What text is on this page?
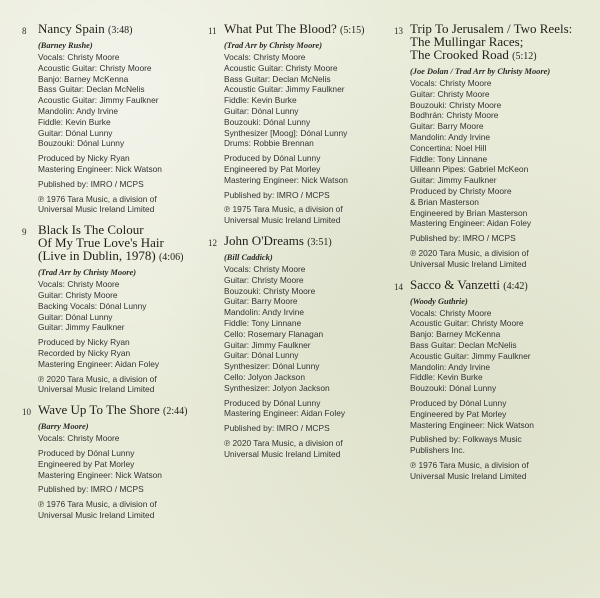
8 Nancy Spain (3:48)
(Barney Rushe)
Vocals: Christy Moore
Acoustic Guitar: Christy Moore
Banjo: Barney McKenna
Bass Guitar: Declan McNelis
Acoustic Guitar: Jimmy Faulkner
Mandolin: Andy Irvine
Fiddle: Kevin Burke
Guitar: Dónal Lunny
Bouzouki: Dónal Lunny
Produced by Nicky Ryan
Mastering Engineer: Nick Watson
Published by: IMRO / MCPS
℗ 1976 Tara Music, a division of
Universal Music Ireland Limited
9 Black Is The Colour
Of My True Love's Hair
(Live in Dublin, 1978) (4:06)
(Trad Arr by Christy Moore)
Vocals: Christy Moore
Guitar: Christy Moore
Backing Vocals: Dónal Lunny
Guitar: Dónal Lunny
Guitar: Jimmy Faulkner
Produced by Nicky Ryan
Recorded by Nicky Ryan
Mastering Engineer: Aidan Foley
℗ 2020 Tara Music, a division of
Universal Music Ireland Limited
10 Wave Up To The Shore (2:44)
(Barry Moore)
Vocals: Christy Moore
Produced by Dónal Lunny
Engineered by Pat Morley
Mastering Engineer: Nick Watson
Published by: IMRO / MCPS
℗ 1976 Tara Music, a division of
Universal Music Ireland Limited
11 What Put The Blood? (5:15)
(Trad Arr by Christy Moore)
Vocals: Christy Moore
Acoustic Guitar: Christy Moore
Bass Guitar: Declan McNelis
Acoustic Guitar: Jimmy Faulkner
Fiddle: Kevin Burke
Guitar: Dónal Lunny
Bouzouki: Dónal Lunny
Synthesizer [Moog]: Dónal Lunny
Drums: Robbie Brennan
Produced by Dónal Lunny
Engineered by Pat Morley
Mastering Engineer: Nick Watson
Published by: IMRO / MCPS
℗ 1975 Tara Music, a division of
Universal Music Ireland Limited
12 John O'Dreams (3:51)
(Bill Caddick)
Vocals: Christy Moore
Guitar: Christy Moore
Bouzouki: Christy Moore
Guitar: Barry Moore
Mandolin: Andy Irvine
Fiddle: Tony Linnane
Cello: Rosemary Flanagan
Guitar: Jimmy Faulkner
Guitar: Dónal Lunny
Synthesizer: Dónal Lunny
Cello: Jolyon Jackson
Synthesizer: Jolyon Jackson
Produced by Dónal Lunny
Mastering Engineer: Aidan Foley
Published by: IMRO / MCPS
℗ 2020 Tara Music, a division of
Universal Music Ireland Limited
13 Trip To Jerusalem / Two Reels:
The Mullingar Races;
The Crooked Road (5:12)
(Joe Dolan / Trad Arr by Christy Moore)
Vocals: Christy Moore
Guitar: Christy Moore
Bouzouki: Christy Moore
Bodhrán: Christy Moore
Guitar: Barry Moore
Mandolin: Andy Irvine
Concertina: Noel Hill
Fiddle: Tony Linnane
Uilleann Pipes: Gabriel McKeon
Guitar: Jimmy Faulkner
Produced by Christy Moore
& Brian Masterson
Engineered by Brian Masterson
Mastering Engineer: Aidan Foley
Published by: IMRO / MCPS
℗ 2020 Tara Music, a division of
Universal Music Ireland Limited
14 Sacco & Vanzetti (4:42)
(Woody Guthrie)
Vocals: Christy Moore
Acoustic Guitar: Christy Moore
Banjo: Barney McKenna
Bass Guitar: Declan McNelis
Acoustic Guitar: Jimmy Faulkner
Mandolin: Andy Irvine
Fiddle: Kevin Burke
Bouzouki: Dónal Lunny
Produced by Dónal Lunny
Engineered by Pat Morley
Mastering Engineer: Nick Watson
Published by: Folkways Music
Publishers Inc.
℗ 1976 Tara Music, a division of
Universal Music Ireland Limited
